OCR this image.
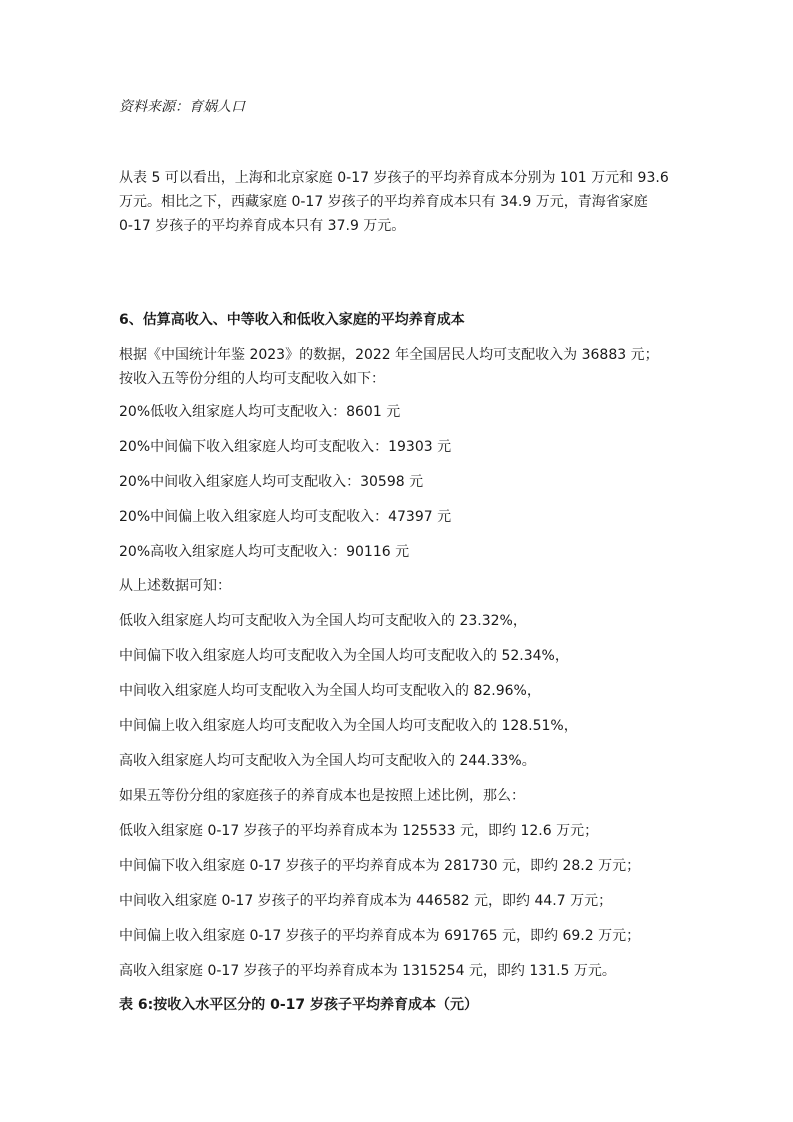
资料来源：育娲人口
从表 5 可以看出，上海和北京家庭 0-17 岁孩子的平均养育成本分别为 101 万元和 93.6
万元。相比之下，西藏家庭 0-17 岁孩子的平均养育成本只有 34.9 万元，青海省家庭
0-17 岁孩子的平均养育成本只有 37.9 万元。
6、估算高收入、中等收入和低收入家庭的平均养育成本
根据《中国统计年鉴 2023》的数据，2022 年全国居民人均可支配收入为 36883 元；
按收入五等份分组的人均可支配收入如下：
20%低收入组家庭人均可支配收入：8601 元
20%中间偏下收入组家庭人均可支配收入：19303 元
20%中间收入组家庭人均可支配收入：30598 元
20%中间偏上收入组家庭人均可支配收入：47397 元
20%高收入组家庭人均可支配收入：90116 元
从上述数据可知：
低收入组家庭人均可支配收入为全国人均可支配收入的 23.32%，
中间偏下收入组家庭人均可支配收入为全国人均可支配收入的 52.34%，
中间收入组家庭人均可支配收入为全国人均可支配收入的 82.96%，
中间偏上收入组家庭人均可支配收入为全国人均可支配收入的 128.51%，
高收入组家庭人均可支配收入为全国人均可支配收入的 244.33%。
如果五等份分组的家庭孩子的养育成本也是按照上述比例，那么：
低收入组家庭 0-17 岁孩子的平均养育成本为 125533 元，即约 12.6 万元；
中间偏下收入组家庭 0-17 岁孩子的平均养育成本为 281730 元，即约 28.2 万元；
中间收入组家庭 0-17 岁孩子的平均养育成本为 446582 元，即约 44.7 万元；
中间偏上收入组家庭 0-17 岁孩子的平均养育成本为 691765 元，即约 69.2 万元；
高收入组家庭 0-17 岁孩子的平均养育成本为 1315254 元，即约 131.5 万元。
表 6:按收入水平区分的 0-17 岁孩子平均养育成本（元）
